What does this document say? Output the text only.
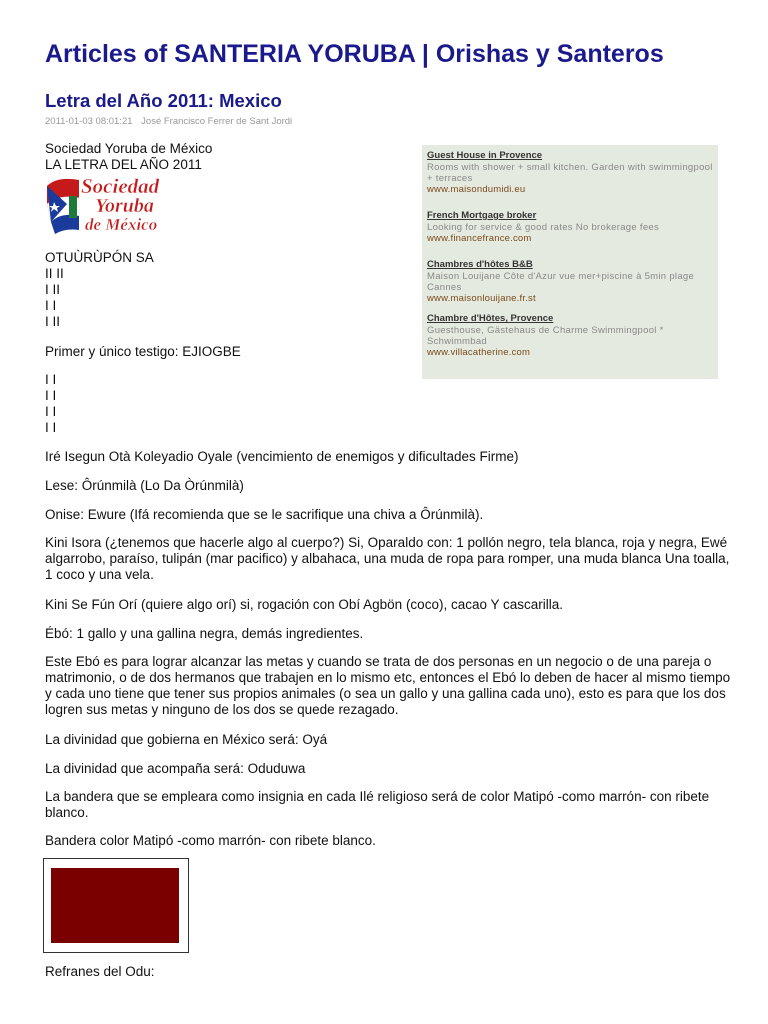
Articles of SANTERIA YORUBA | Orishas y Santeros
Letra del Año 2011: Mexico
2011-01-03 08:01:21 José Francisco Ferrer de Sant Jordi
Sociedad Yoruba de México
LA LETRA DEL AÑO 2011
Sociedad
Yoruba
de México
OTUÙRÙPÓN SA
II II
I II
I I
I II
Primer y único testigo: EJIOGBE
I I
I I
I I
I I

Iré Isegun Otà Koleyadio Oyale (vencimiento de enemigos y dificultades Firme)

Lese: Ôrúnmilà (Lo Da Òrúnmilà)

Onise: Ewure (Ifá recomienda que se le sacrifique una chiva a Ôrúnmilà).

Kini Isora (¿tenemos que hacerle algo al cuerpo?) Si, Oparaldo con: 1 pollón negro, tela blanca, roja y negra, Ewé algarrobo, paraíso, tulipán (mar pacifico) y albahaca, una muda de ropa para romper, una muda blanca Una toalla, 1 coco y una vela.

Kini Se Fún Orí (quiere algo orí) si, rogación con Obí Agbön (coco), cacao Y cascarilla.

Ébó: 1 gallo y una gallina negra, demás ingredientes.

Este Ebó es para lograr alcanzar las metas y cuando se trata de dos personas en un negocio o de una pareja o matrimonio, o de dos hermanos que trabajen en lo mismo etc, entonces el Ebó lo deben de hacer al mismo tiempo y cada uno tiene que tener sus propios animales (o sea un gallo y una gallina cada uno), esto es para que los dos logren sus metas y ninguno de los dos se quede rezagado.

La divinidad que gobierna en México será: Oyá

La divinidad que acompaña será: Oduduwa

La bandera que se empleara como insignia en cada Ilé religioso será de color Matipó -como marrón- con ribete blanco.

Bandera color Matipó -como marrón- con ribete blanco.

Refranes del Odu:

Guest House in Provence
Rooms with shower + small kitchen. Garden with swimmingpool + terraces
www.maisondumidi.eu
French Mortgage broker
Looking for service & good rates No brokerage fees
www.financefrance.com
Chambres d'hôtes B&B
Maison Louijane Côte d'Azur vue mer+piscine à 5min plage Cannes
www.maisonlouijane.fr.st
Chambre d'Hôtes, Provence
Guesthouse, Gästehaus de Charme Swimmingpool * Schwimmbad
www.villacatherine.com
